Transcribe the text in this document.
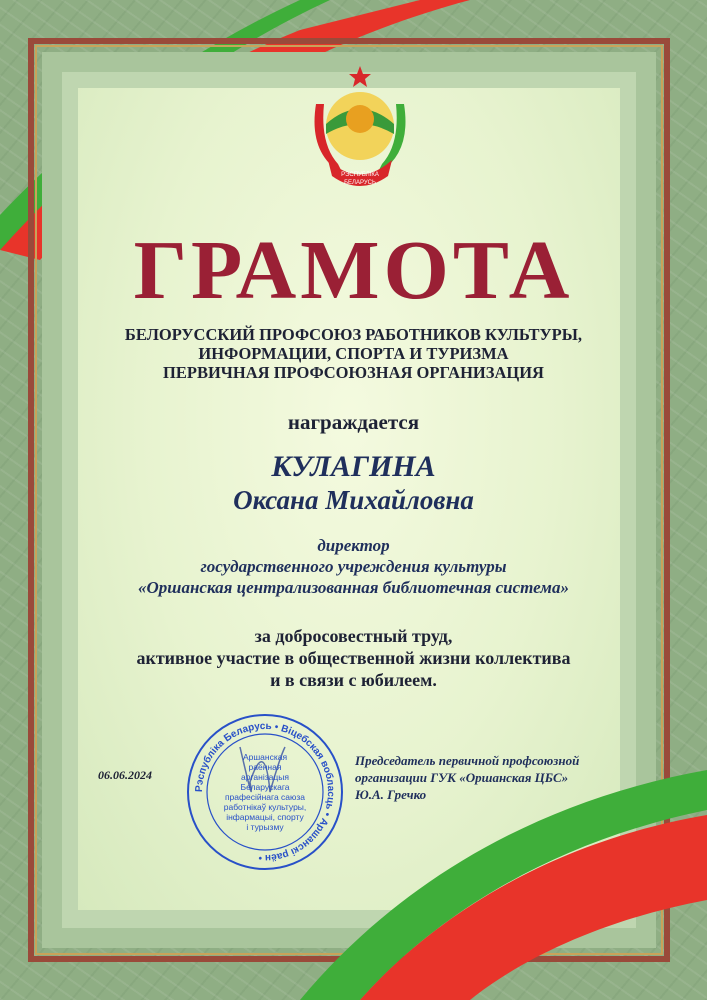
РЭСПУБЛІКА
БЕЛАРУСЬ
ГРАМОТА
БЕЛОРУССКИЙ ПРОФСОЮЗ РАБОТНИКОВ КУЛЬТУРЫ,
ИНФОРМАЦИИ, СПОРТА И ТУРИЗМА
ПЕРВИЧНАЯ ПРОФСОЮЗНАЯ ОРГАНИЗАЦИЯ
награждается
КУЛАГИНА
Оксана Михайловна
директор
государственного учреждения культуры
«Оршанская централизованная библиотечная система»
за добросовестный труд,
активное участие в общественной жизни коллектива
и в связи с юбилеем.
06.06.2024
Рэспубліка Беларусь • Віцебская вобласць • Аршанскі раён •
Аршанская
раённая
арганізацыя
Беларускага
прафесійнага саюза
работнікаў культуры,
інфармацыі, спорту
і турызму
Председатель первичной профсоюзной
организации ГУК «Оршанская ЦБС»
Ю.А. Гречко
